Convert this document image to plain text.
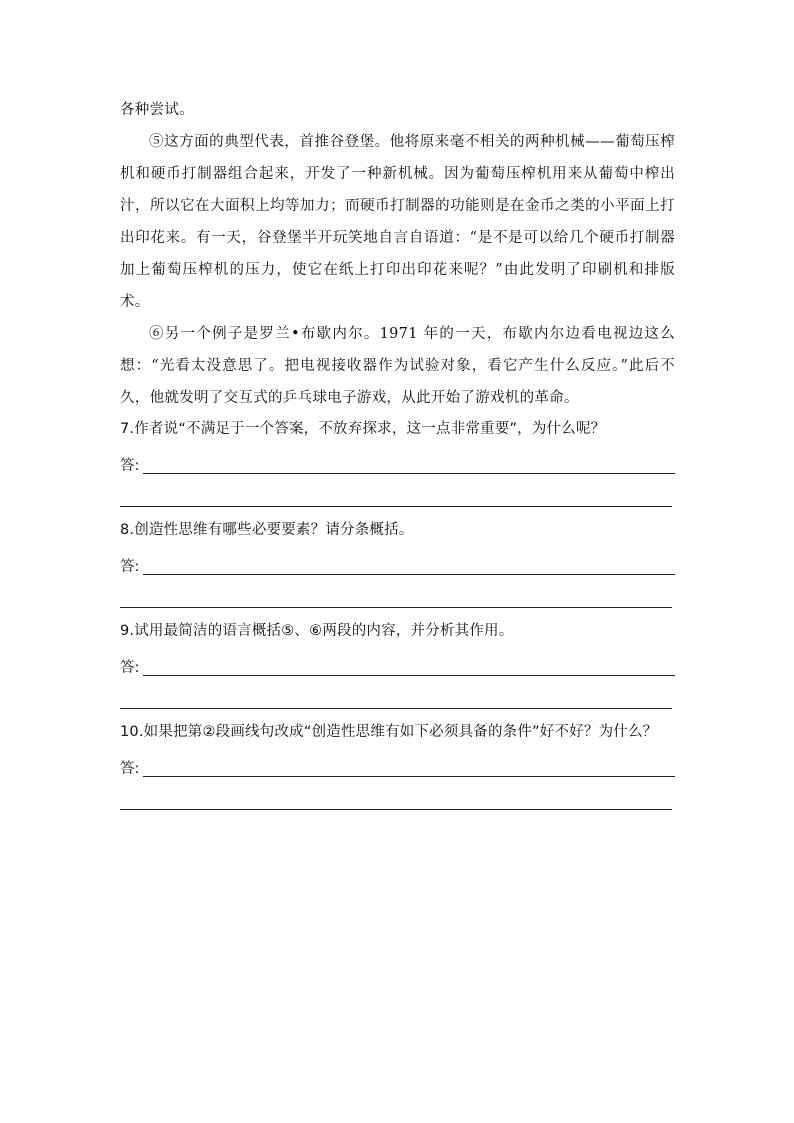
各种尝试。

⑤这方面的典型代表，首推谷登堡。他将原来毫不相关的两种机械——葡萄压榨机和硬币打制器组合起来，开发了一种新机械。因为葡萄压榨机用来从葡萄中榨出汁，所以它在大面积上均等加力；而硬币打制器的功能则是在金币之类的小平面上打出印花来。有一天，谷登堡半开玩笑地自言自语道：“是不是可以给几个硬币打制器加上葡萄压榨机的压力，使它在纸上打印出印花来呢？”由此发明了印刷机和排版术。

⑥另一个例子是罗兰•布歇内尔。1971 年的一天，布歇内尔边看电视边这么想：“光看太没意思了。把电视接收器作为试验对象，看它产生什么反应。”此后不久，他就发明了交互式的乒乓球电子游戏，从此开始了游戏机的革命。

7.作者说“不满足于一个答案，不放弃探求，这一点非常重要”，为什么呢？

答:

8.创造性思维有哪些必要要素？请分条概括。

答:

9.试用最简洁的语言概括⑤、⑥两段的内容，并分析其作用。

答:

10.如果把第②段画线句改成“创造性思维有如下必须具备的条件”好不好？为什么？

答:
